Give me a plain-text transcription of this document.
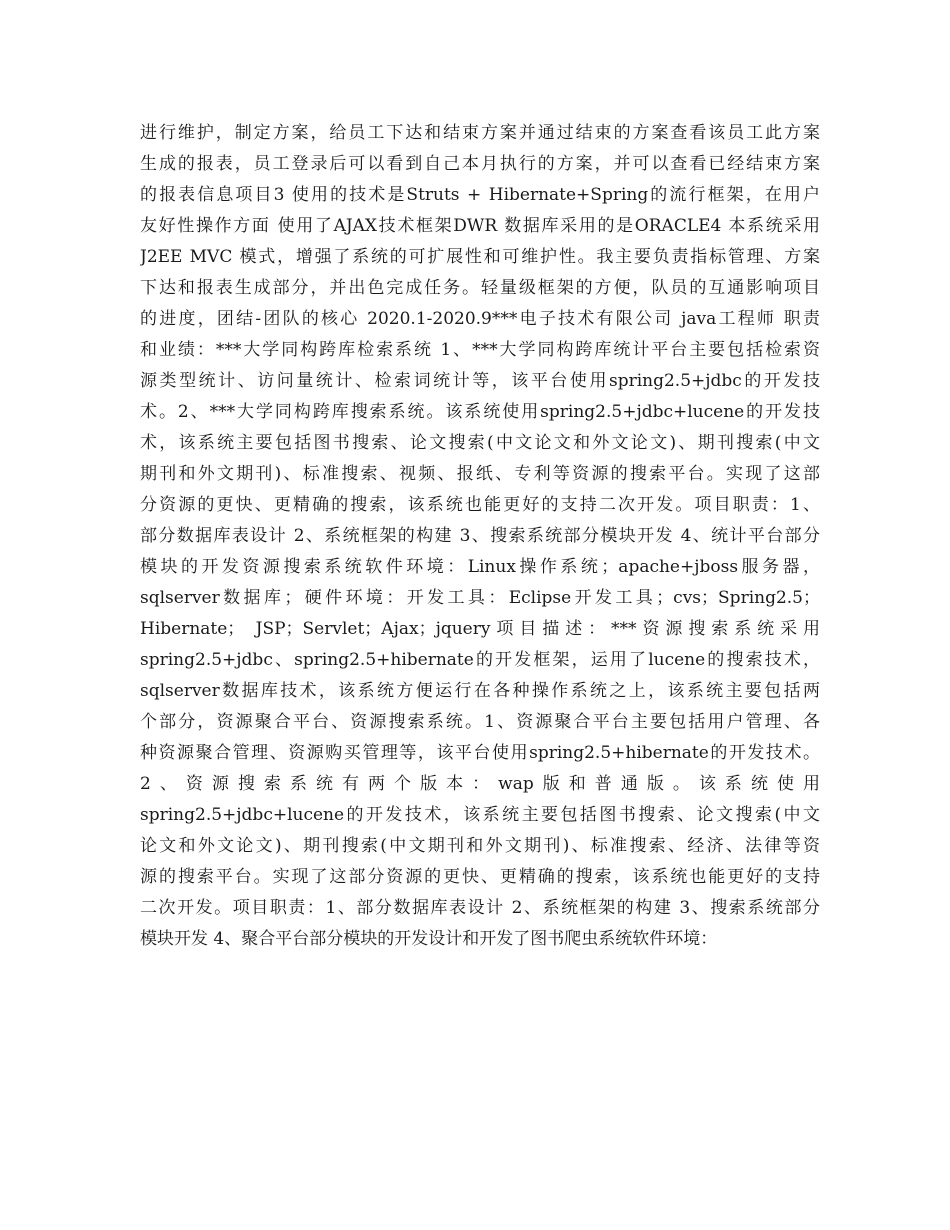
进行维护，制定方案，给员工下达和结束方案并通过结束的方案查看该员工此方案
生成的报表，员工登录后可以看到自己本月执行的方案，并可以查看已经结束方案
的报表信息项目3 使用的技术是Struts + Hibernate+Spring的流行框架，在用户
友好性操作方面 使用了AJAX技术框架DWR 数据库采用的是ORACLE4 本系统采用
J2EE MVC 模式，增强了系统的可扩展性和可维护性。我主要负责指标管理、方案
下达和报表生成部分，并出色完成任务。轻量级框架的方便，队员的互通影响项目
的进度，团结-团队的核心 2020.1-2020.9***电子技术有限公司 java工程师 职责
和业绩：***大学同构跨库检索系统 1、***大学同构跨库统计平台主要包括检索资
源类型统计、访问量统计、检索词统计等，该平台使用spring2.5+jdbc的开发技
术。2、***大学同构跨库搜索系统。该系统使用spring2.5+jdbc+lucene的开发技
术，该系统主要包括图书搜索、论文搜索(中文论文和外文论文)、期刊搜索(中文
期刊和外文期刊)、标准搜索、视频、报纸、专利等资源的搜索平台。实现了这部
分资源的更快、更精确的搜索，该系统也能更好的支持二次开发。项目职责：1、
部分数据库表设计 2、系统框架的构建 3、搜索系统部分模块开发 4、统计平台部分
模块的开发资源搜索系统软件环境：Linux操作系统；apache+jboss服务器，
sqlserver数据库；硬件环境：开发工具：Eclipse开发工具；cvs；Spring2.5；
Hibernate； JSP；Servlet；Ajax；jquery项目描述：***资源搜索系统采用
spring2.5+jdbc、spring2.5+hibernate的开发框架，运用了lucene的搜索技术，
sqlserver数据库技术，该系统方便运行在各种操作系统之上，该系统主要包括两
个部分，资源聚合平台、资源搜索系统。1、资源聚合平台主要包括用户管理、各
种资源聚合管理、资源购买管理等，该平台使用spring2.5+hibernate的开发技术。
2、资源搜索系统有两个版本：wap版和普通版。该系统使用
spring2.5+jdbc+lucene的开发技术，该系统主要包括图书搜索、论文搜索(中文
论文和外文论文)、期刊搜索(中文期刊和外文期刊)、标准搜索、经济、法律等资
源的搜索平台。实现了这部分资源的更快、更精确的搜索，该系统也能更好的支持
二次开发。项目职责：1、部分数据库表设计 2、系统框架的构建 3、搜索系统部分
模块开发 4、聚合平台部分模块的开发设计和开发了图书爬虫系统软件环境：
